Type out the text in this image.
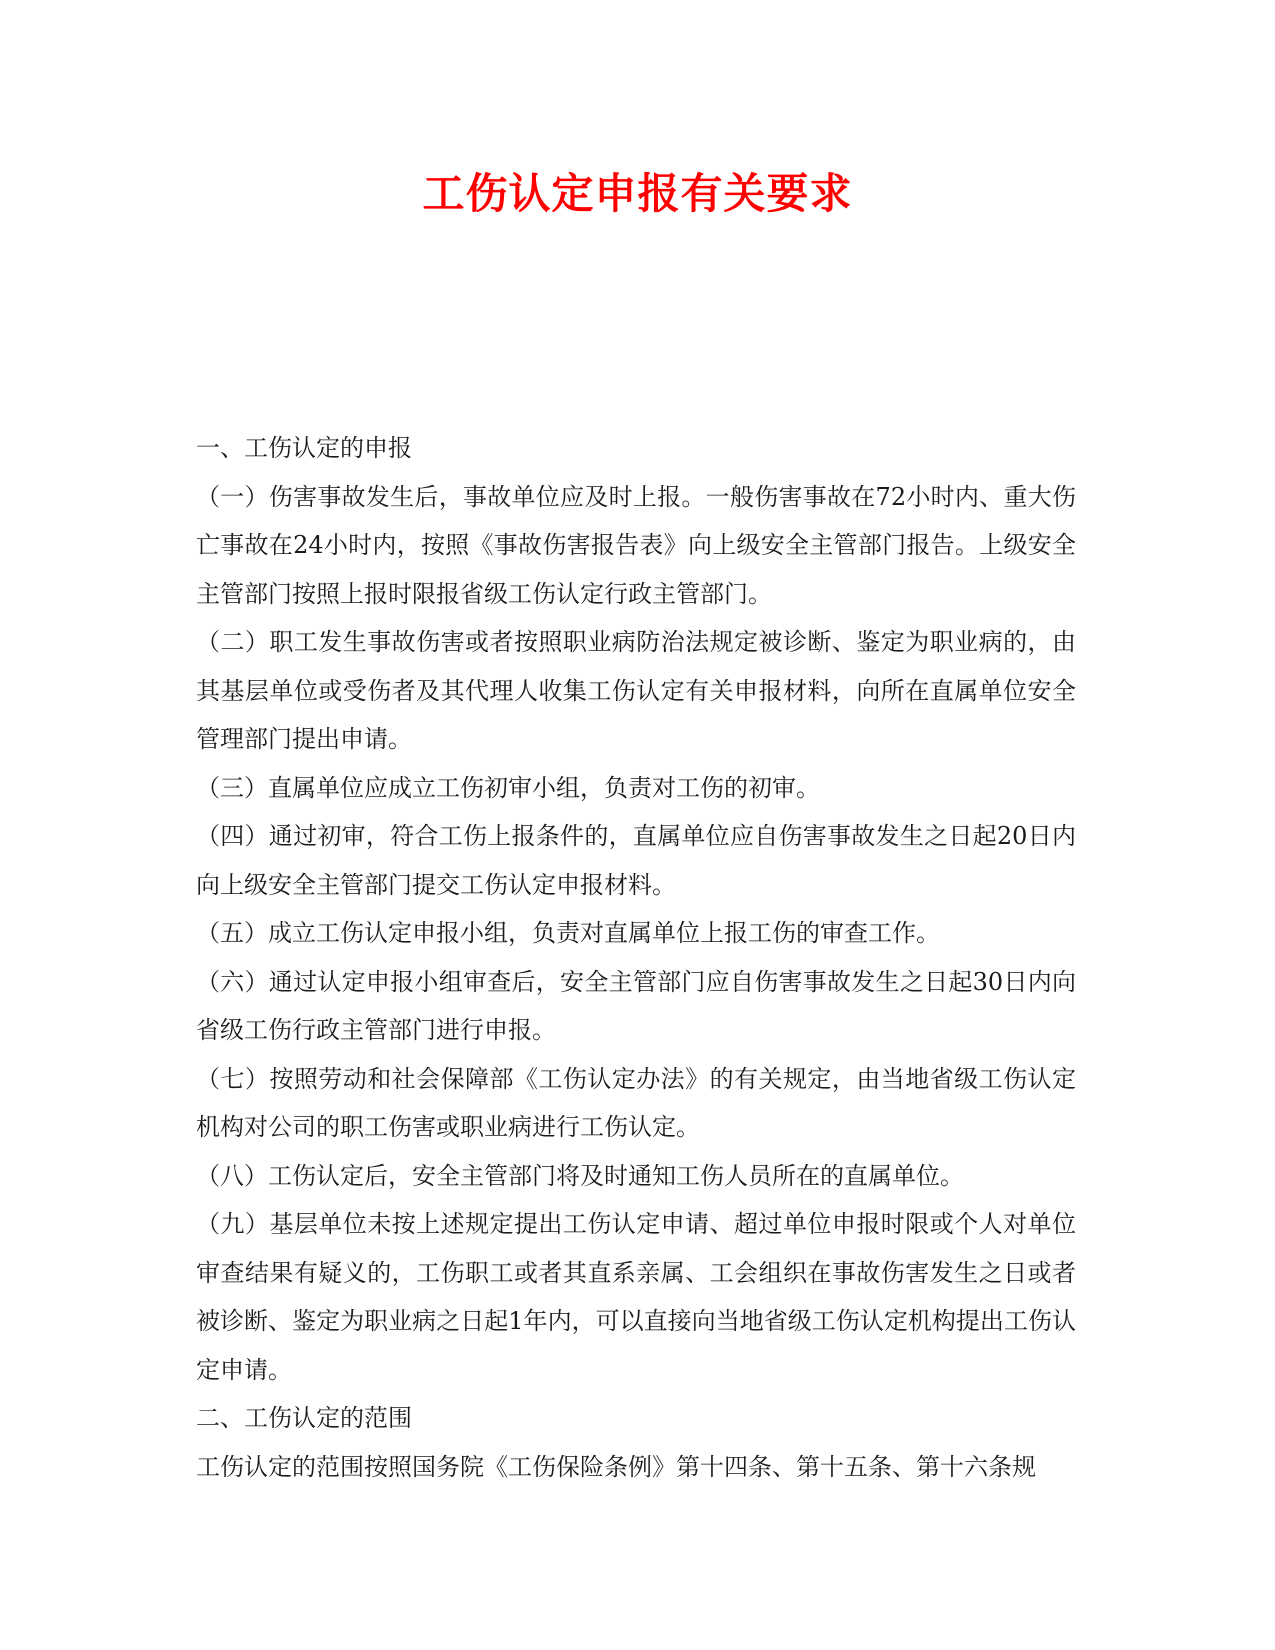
工伤认定申报有关要求

一、工伤认定的申报

（一）伤害事故发生后，事故单位应及时上报。一般伤害事故在72小时内、重大伤亡事故在24小时内，按照《事故伤害报告表》向上级安全主管部门报告。上级安全主管部门按照上报时限报省级工伤认定行政主管部门。

（二）职工发生事故伤害或者按照职业病防治法规定被诊断、鉴定为职业病的，由其基层单位或受伤者及其代理人收集工伤认定有关申报材料，向所在直属单位安全管理部门提出申请。

（三）直属单位应成立工伤初审小组，负责对工伤的初审。

（四）通过初审，符合工伤上报条件的，直属单位应自伤害事故发生之日起20日内向上级安全主管部门提交工伤认定申报材料。

（五）成立工伤认定申报小组，负责对直属单位上报工伤的审查工作。

（六）通过认定申报小组审查后，安全主管部门应自伤害事故发生之日起30日内向省级工伤行政主管部门进行申报。

（七）按照劳动和社会保障部《工伤认定办法》的有关规定，由当地省级工伤认定机构对公司的职工伤害或职业病进行工伤认定。

（八）工伤认定后，安全主管部门将及时通知工伤人员所在的直属单位。

（九）基层单位未按上述规定提出工伤认定申请、超过单位申报时限或个人对单位审查结果有疑义的，工伤职工或者其直系亲属、工会组织在事故伤害发生之日或者被诊断、鉴定为职业病之日起1年内，可以直接向当地省级工伤认定机构提出工伤认定申请。

二、工伤认定的范围

工伤认定的范围按照国务院《工伤保险条例》第十四条、第十五条、第十六条规
